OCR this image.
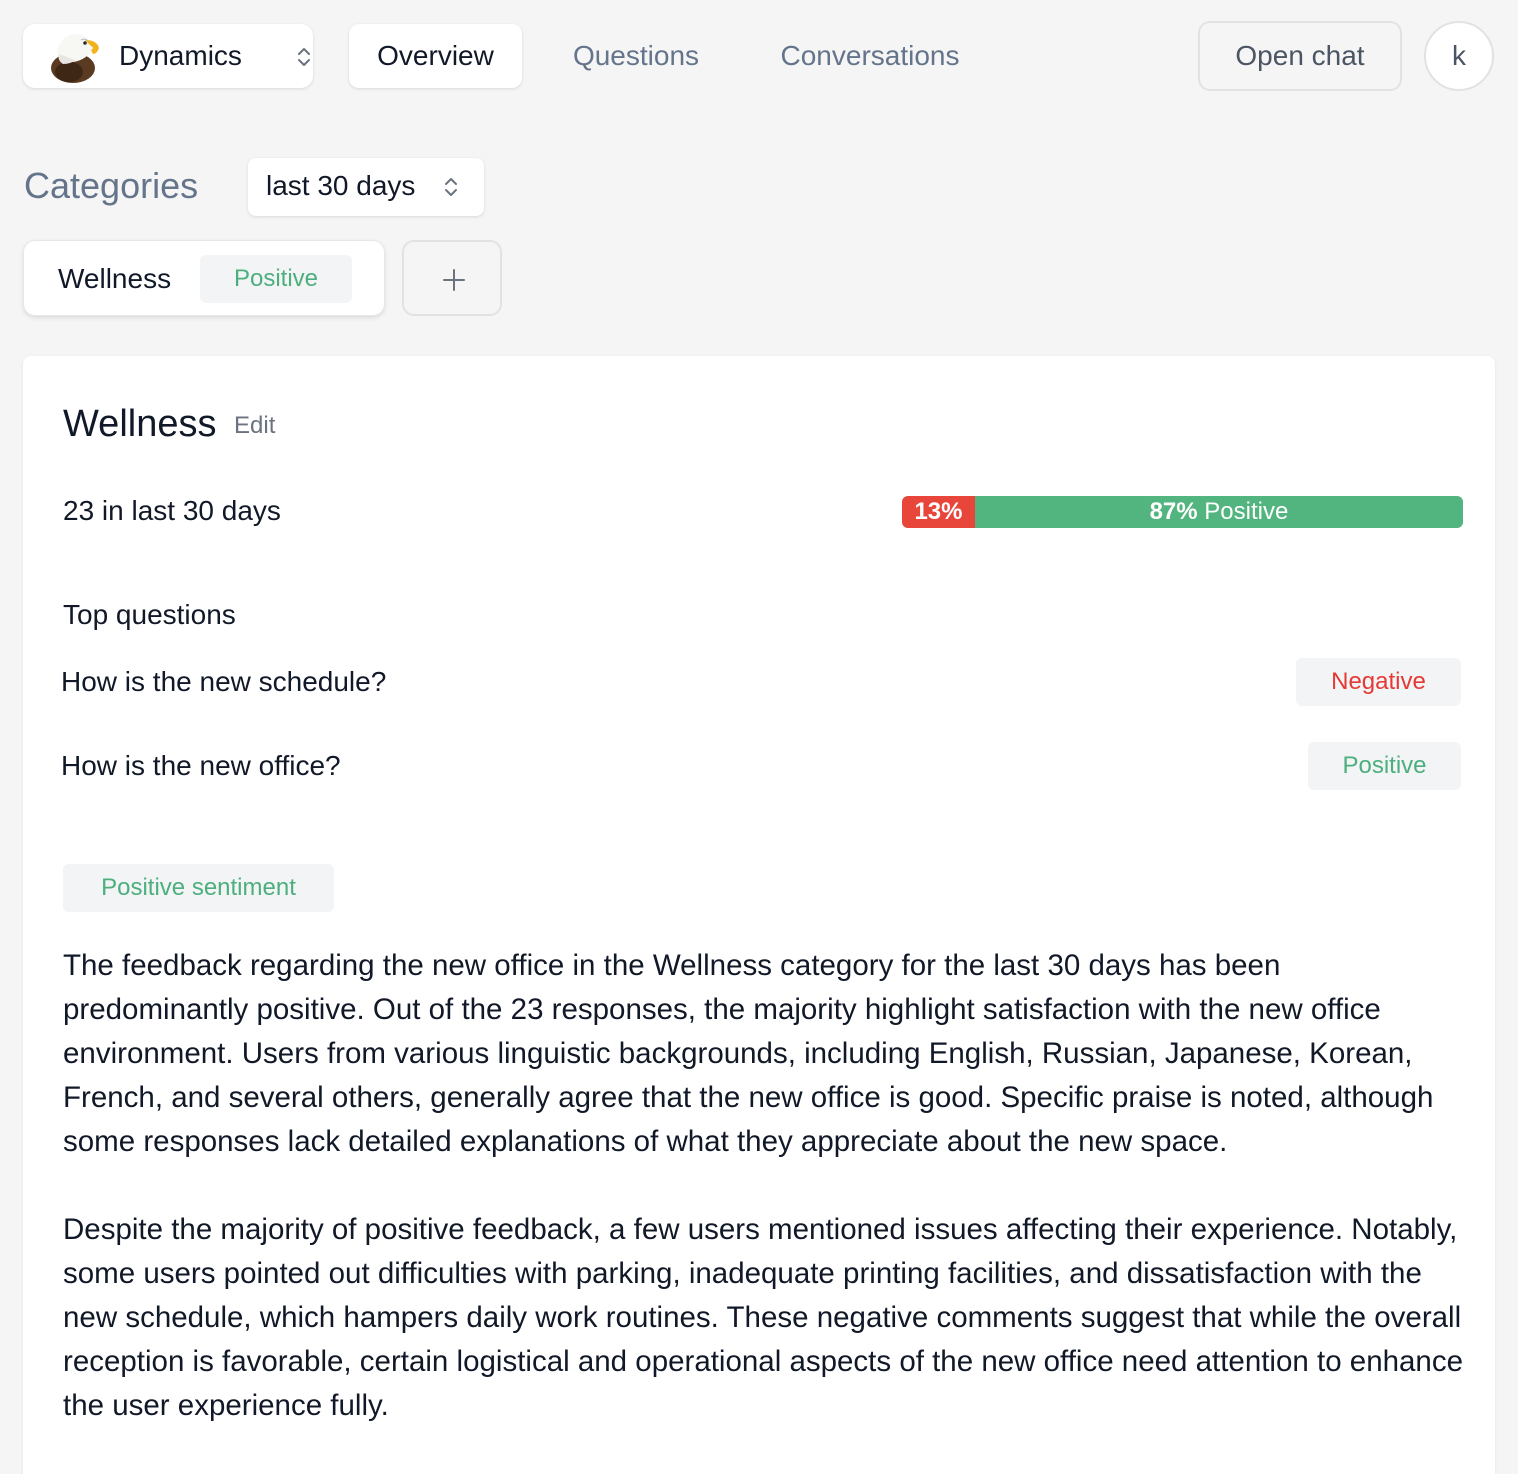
Dynamics	Overview	Questions	Conversations	Open chat	k
Categories last 30 days
Wellness	Positive
Wellness Edit
23 in last 30 days	13%	87% Positive
Top questions
How is the new schedule?	Negative
How is the new office?	Positive
Positive sentiment

The feedback regarding the new office in the Wellness category for the last 30 days has been predominantly positive. Out of the 23 responses, the majority highlight satisfaction with the new office environment. Users from various linguistic backgrounds, including English, Russian, Japanese, Korean, French, and several others, generally agree that the new office is good. Specific praise is noted, although some responses lack detailed explanations of what they appreciate about the new space.

Despite the majority of positive feedback, a few users mentioned issues affecting their experience. Notably, some users pointed out difficulties with parking, inadequate printing facilities, and dissatisfaction with the new schedule, which hampers daily work routines. These negative comments suggest that while the overall reception is favorable, certain logistical and operational aspects of the new office need attention to enhance the user experience fully.
